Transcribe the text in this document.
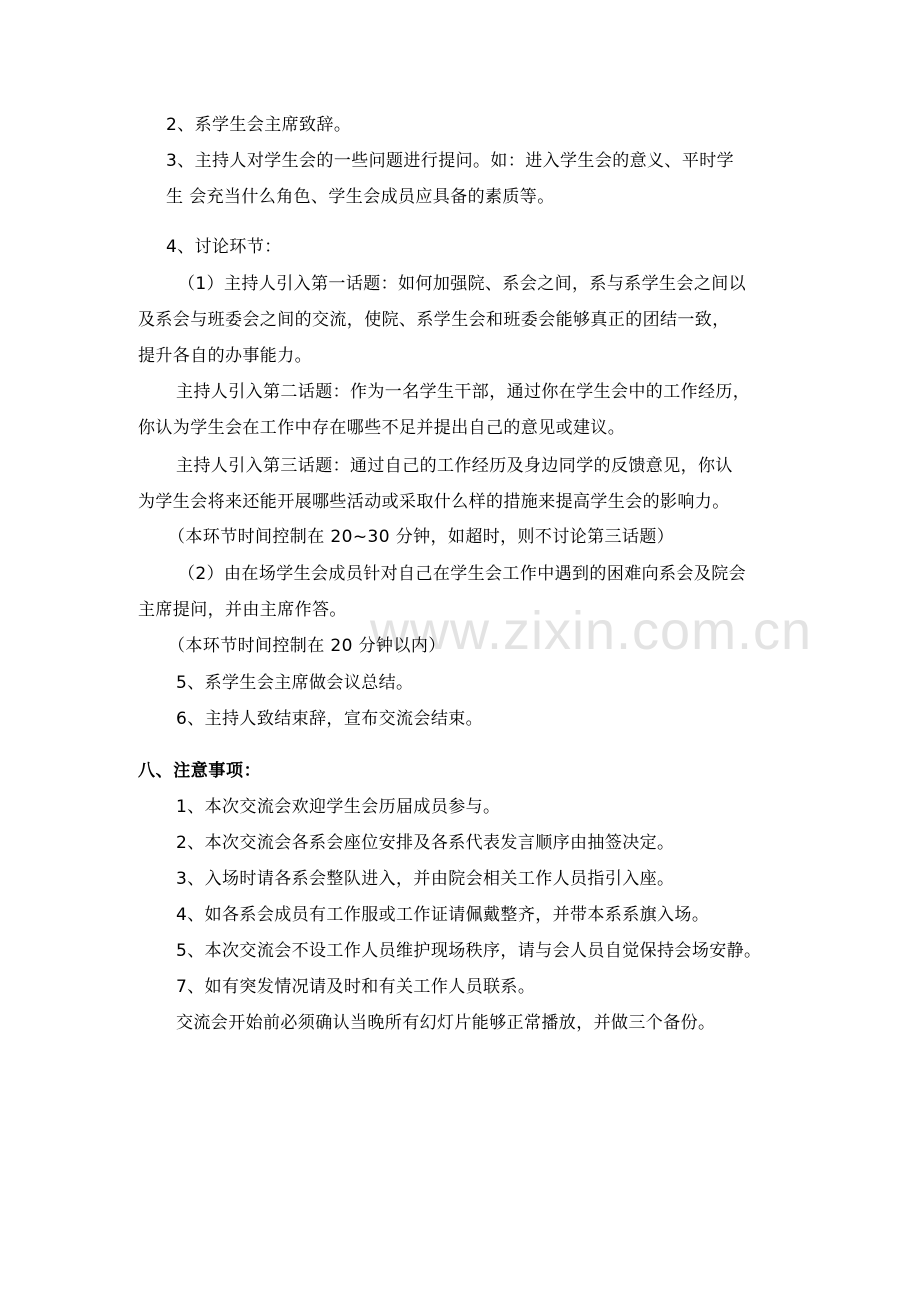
www.zixin.com.cn
2、系学生会主席致辞。
3、主持人对学生会的一些问题进行提问。如：进入学生会的意义、平时学
生 会充当什么角色、学生会成员应具备的素质等。
4、讨论环节：
（1）主持人引入第一话题：如何加强院、系会之间，系与系学生会之间以
及系会与班委会之间的交流，使院、系学生会和班委会能够真正的团结一致，
提升各自的办事能力。
主持人引入第二话题：作为一名学生干部，通过你在学生会中的工作经历，
你认为学生会在工作中存在哪些不足并提出自己的意见或建议。
主持人引入第三话题：通过自己的工作经历及身边同学的反馈意见，你认
为学生会将来还能开展哪些活动或采取什么样的措施来提高学生会的影响力。
（本环节时间控制在 20~30 分钟，如超时，则不讨论第三话题）
（2）由在场学生会成员针对自己在学生会工作中遇到的困难向系会及院会
主席提问，并由主席作答。
（本环节时间控制在 20 分钟以内）
5、系学生会主席做会议总结。
6、主持人致结束辞，宣布交流会结束。
八、注意事项：
1、本次交流会欢迎学生会历届成员参与。
2、本次交流会各系会座位安排及各系代表发言顺序由抽签决定。
3、入场时请各系会整队进入，并由院会相关工作人员指引入座。
4、如各系会成员有工作服或工作证请佩戴整齐，并带本系系旗入场。
5、本次交流会不设工作人员维护现场秩序，请与会人员自觉保持会场安静。
7、如有突发情况请及时和有关工作人员联系。
交流会开始前必须确认当晚所有幻灯片能够正常播放，并做三个备份。
